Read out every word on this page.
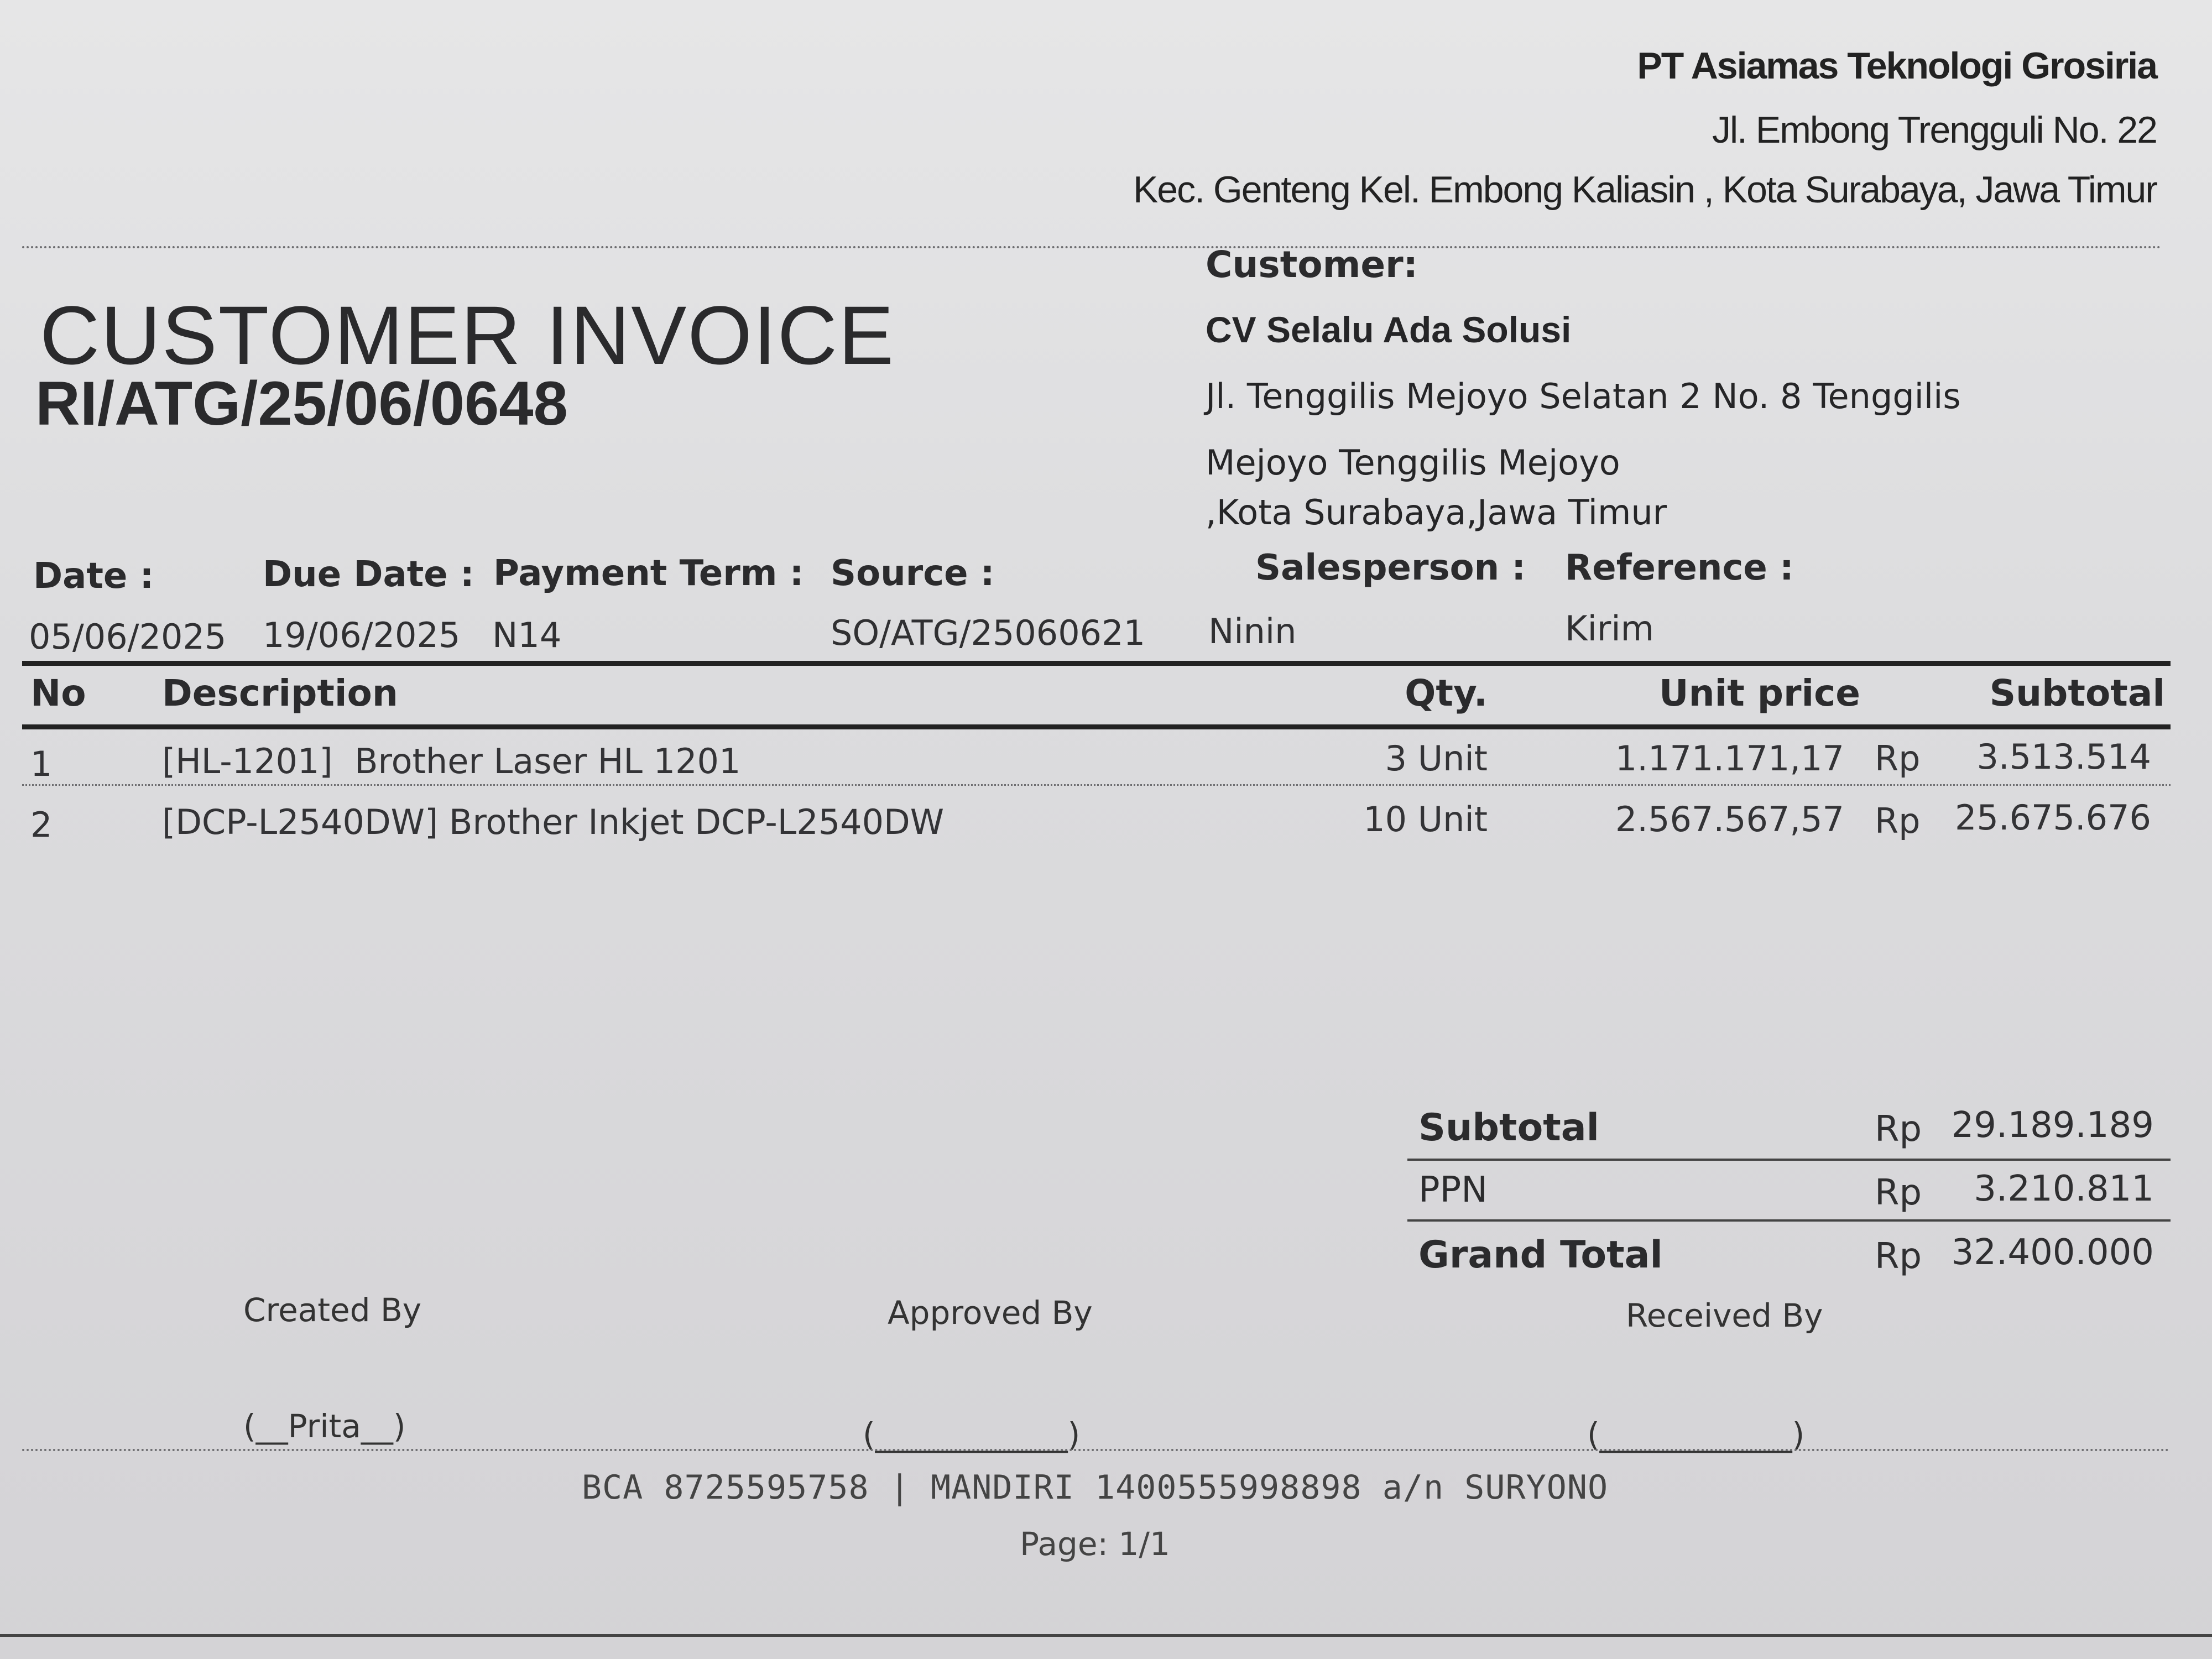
PT Asiamas Teknologi Grosiria
Jl. Embong Trengguli No. 22
Kec. Genteng Kel. Embong Kaliasin , Kota Surabaya, Jawa Timur
CUSTOMER INVOICE
RI/ATG/25/06/0648
Customer:
CV Selalu Ada Solusi
Jl. Tenggilis Mejoyo Selatan 2 No. 8 Tenggilis
Mejoyo Tenggilis Mejoyo
,Kota Surabaya,Jawa Timur
Date :
05/06/2025
Due Date :
19/06/2025
Payment Term :
N14
Source :
SO/ATG/25060621
Salesperson :
Ninin
Reference :
Kirim
No Description	Qty.	Unit price	Subtotal
1	[HL-1201]  Brother Laser HL 1201	3 Unit	1.171.171,17 Rp	3.513.514
2	[DCP-L2540DW] Brother Inkjet DCP-L2540DW	10 Unit	2.567.567,57 Rp	25.675.676
Subtotal	Rp 29.189.189
PPN	Rp	3.210.811
Grand Total	Rp 32.400.000
Created By	Approved By	Received By
(__Prita__)	(____________)	(____________)
BCA 8725595758 | MANDIRI 1400555998898 a/n SURYONO
Page: 1/1
